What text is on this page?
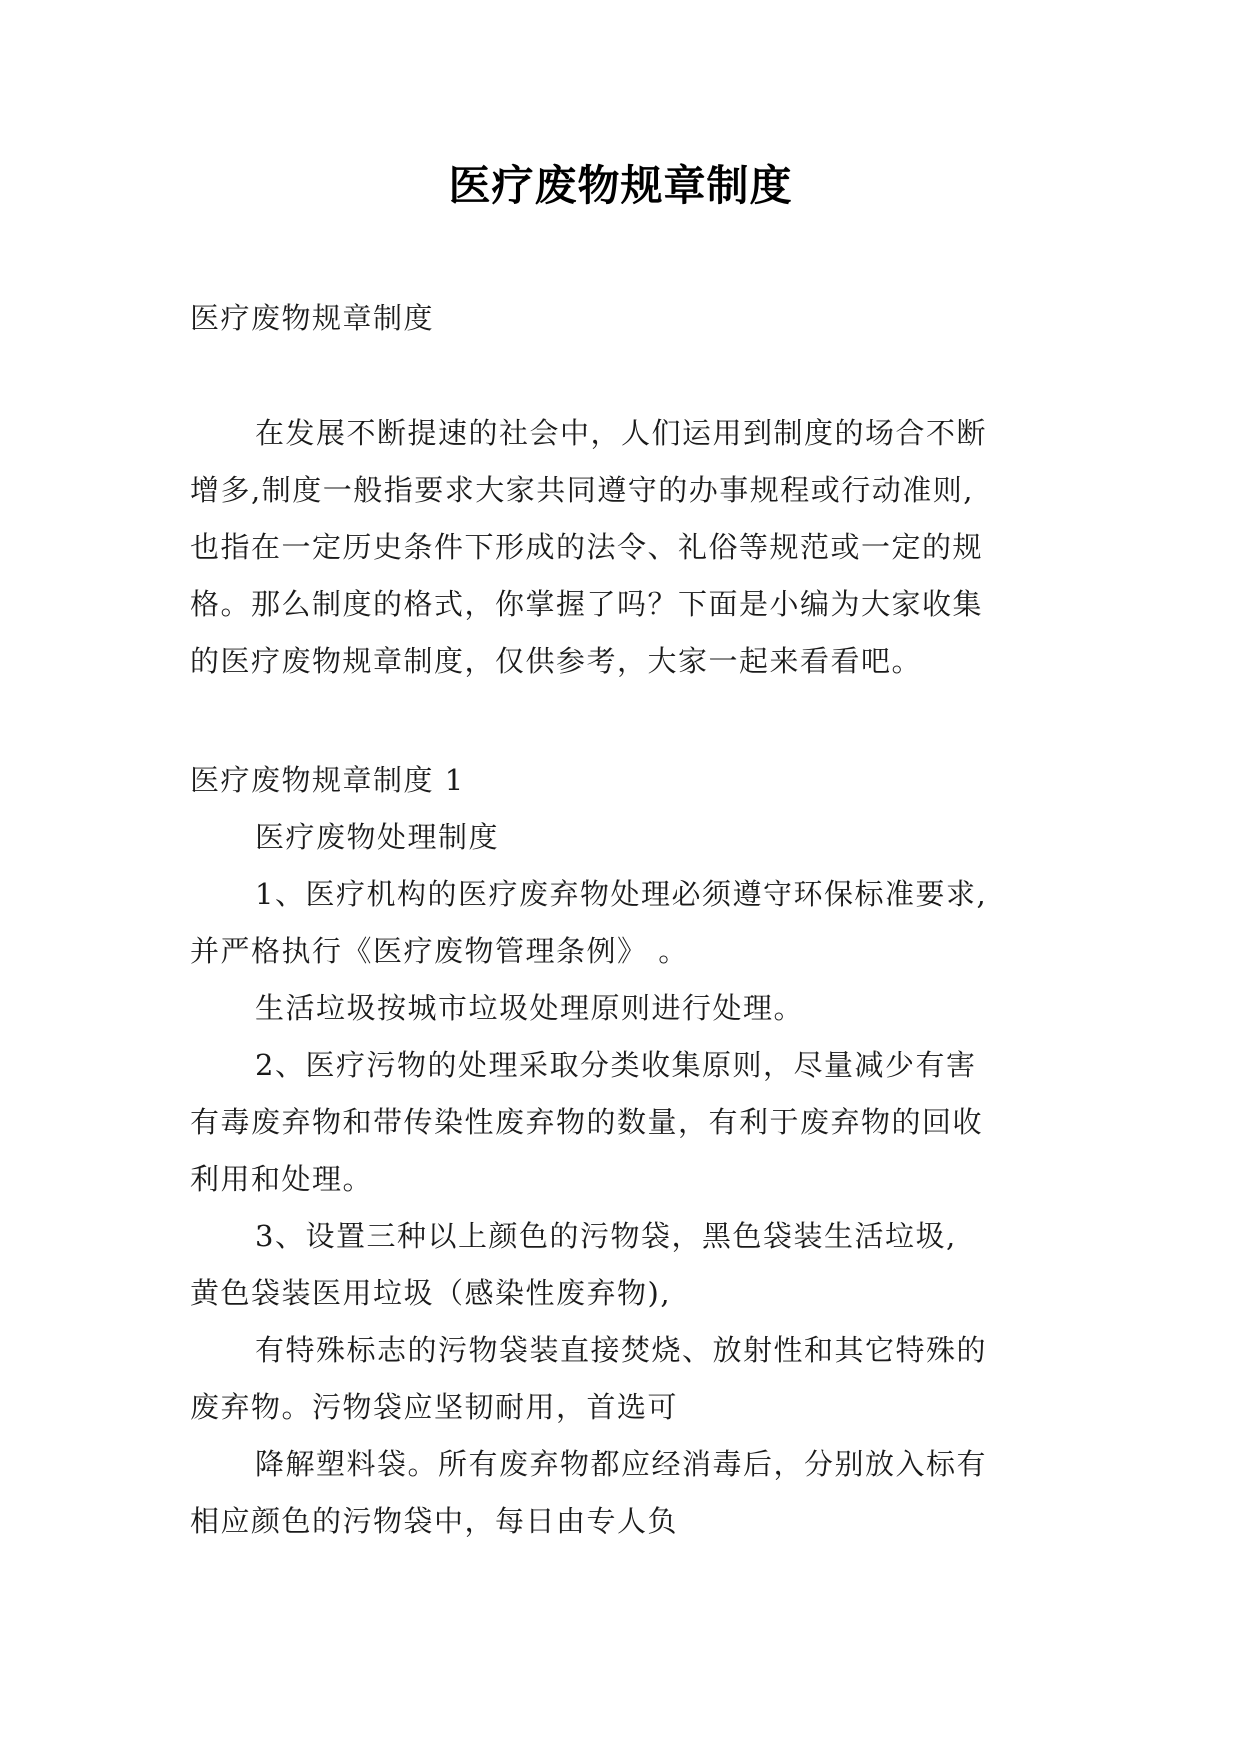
医疗废物规章制度

医疗废物规章制度

在发展不断提速的社会中，人们运用到制度的场合不断

增多,制度一般指要求大家共同遵守的办事规程或行动准则,

也指在一定历史条件下形成的法令、礼俗等规范或一定的规

格。那么制度的格式，你掌握了吗？下面是小编为大家收集

的医疗废物规章制度，仅供参考，大家一起来看看吧。

医疗废物规章制度 1

医疗废物处理制度

1、医疗机构的医疗废弃物处理必须遵守环保标准要求,

并严格执行《医疗废物管理条例》 。

生活垃圾按城市垃圾处理原则进行处理。

2、医疗污物的处理采取分类收集原则，尽量减少有害

有毒废弃物和带传染性废弃物的数量，有利于废弃物的回收

利用和处理。

3、设置三种以上颜色的污物袋，黑色袋装生活垃圾,

黄色袋装医用垃圾（感染性废弃物),

有特殊标志的污物袋装直接焚烧、放射性和其它特殊的

废弃物。污物袋应坚韧耐用，首选可

降解塑料袋。所有废弃物都应经消毒后，分别放入标有

相应颜色的污物袋中，每日由专人负
